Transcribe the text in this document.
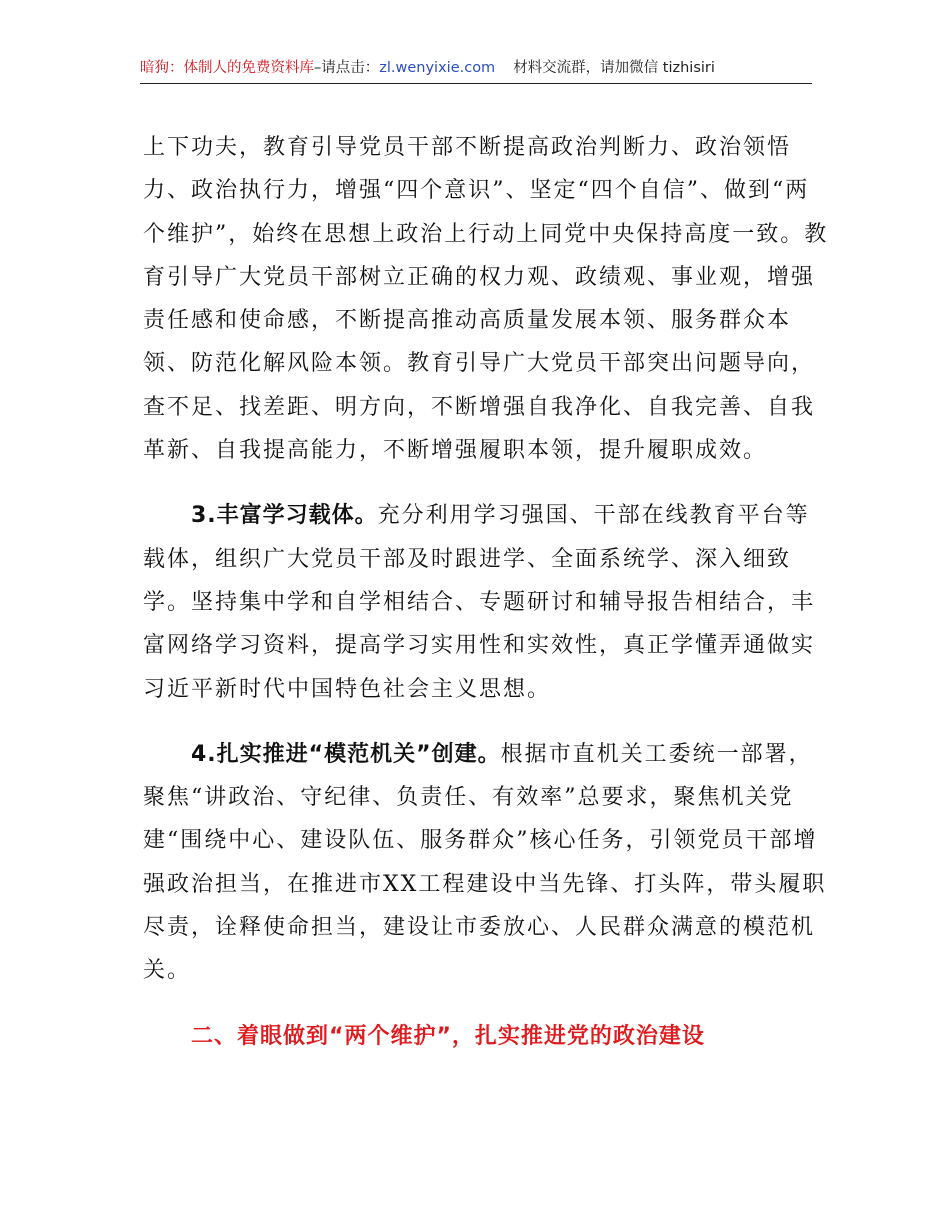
暗狗：体制人的免费资料库–请点击：zl.wenyixie.com 材料交流群，请加微信 tizhisiri

上下功夫，教育引导党员干部不断提高政治判断力、政治领悟力、政治执行力，增强“四个意识”、坚定“四个自信”、做到“两个维护”，始终在思想上政治上行动上同党中央保持高度一致。教育引导广大党员干部树立正确的权力观、政绩观、事业观，增强责任感和使命感，不断提高推动高质量发展本领、服务群众本领、防范化解风险本领。教育引导广大党员干部突出问题导向，查不足、找差距、明方向，不断增强自我净化、自我完善、自我革新、自我提高能力，不断增强履职本领，提升履职成效。

3.丰富学习载体。充分利用学习强国、干部在线教育平台等载体，组织广大党员干部及时跟进学、全面系统学、深入细致学。坚持集中学和自学相结合、专题研讨和辅导报告相结合，丰富网络学习资料，提高学习实用性和实效性，真正学懂弄通做实习近平新时代中国特色社会主义思想。

4.扎实推进“模范机关”创建。根据市直机关工委统一部署，聚焦“讲政治、守纪律、负责任、有效率”总要求，聚焦机关党建“围绕中心、建设队伍、服务群众”核心任务，引领党员干部增强政治担当，在推进市XX工程建设中当先锋、打头阵，带头履职尽责，诠释使命担当，建设让市委放心、人民群众满意的模范机关。

二、着眼做到“两个维护”，扎实推进党的政治建设
